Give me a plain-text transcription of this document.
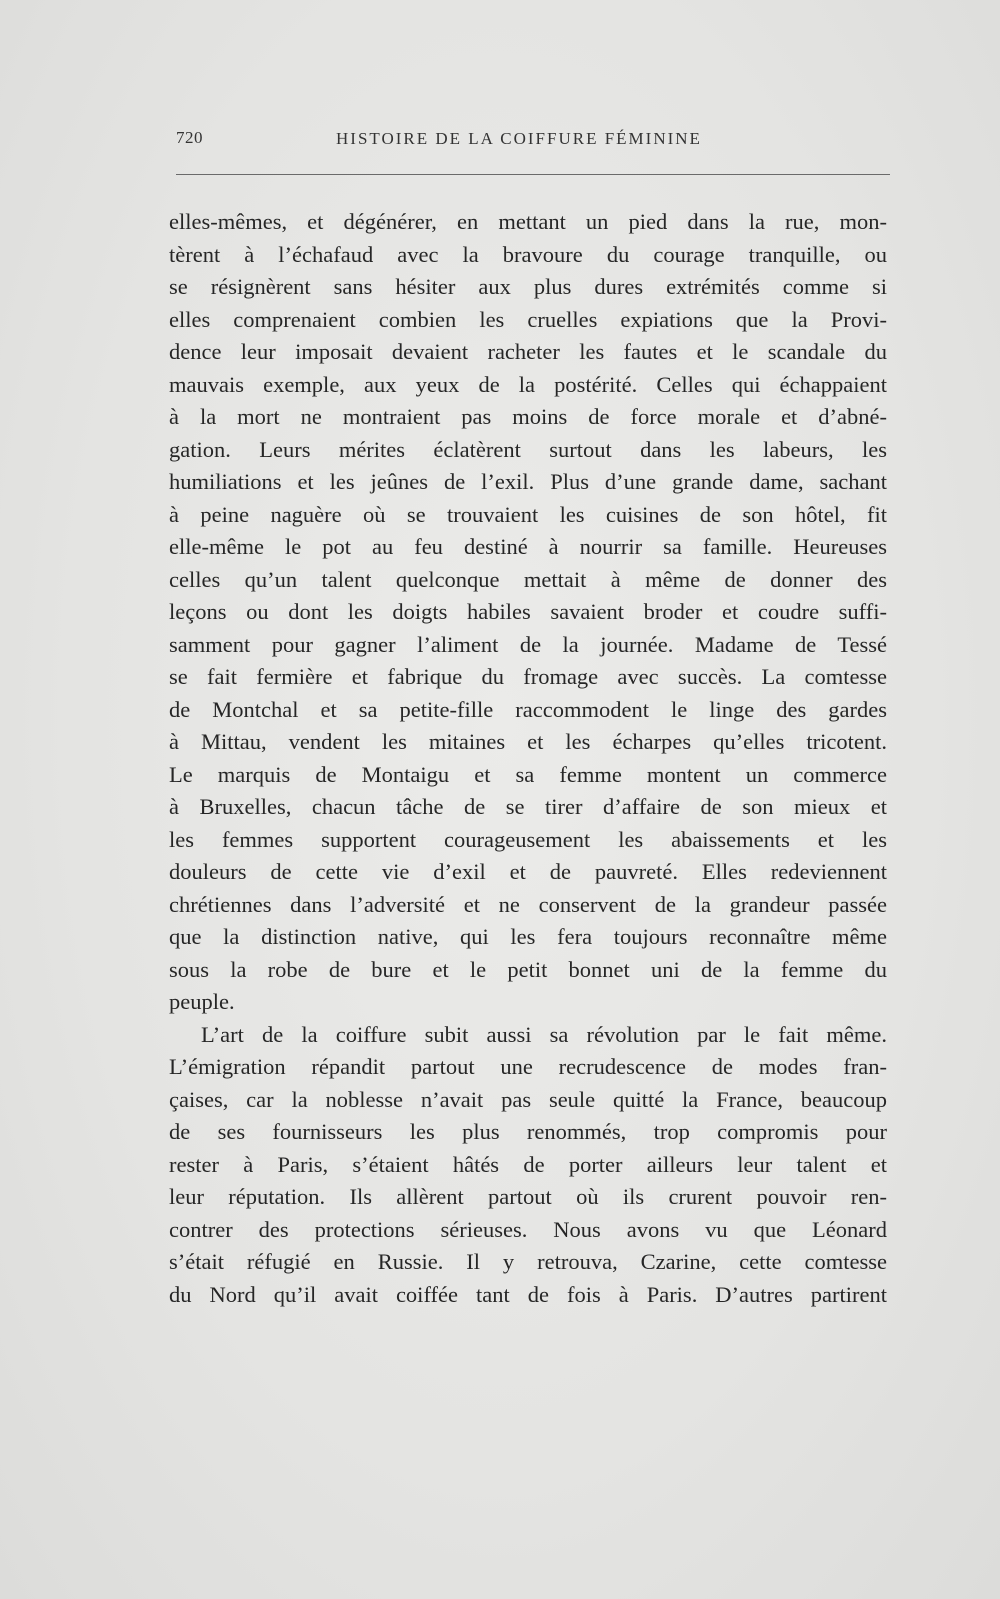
720	HISTOIRE DE LA COIFFURE FÉMININE
elles-mêmes, et dégénérer, en mettant un pied dans la rue, mon-
tèrent à l’échafaud avec la bravoure du courage tranquille, ou
se résignèrent sans hésiter aux plus dures extrémités comme si
elles comprenaient combien les cruelles expiations que la Provi-
dence leur imposait devaient racheter les fautes et le scandale du
mauvais exemple, aux yeux de la postérité. Celles qui échappaient
à la mort ne montraient pas moins de force morale et d’abné-
gation. Leurs mérites éclatèrent surtout dans les labeurs, les
humiliations et les jeûnes de l’exil. Plus d’une grande dame, sachant
à peine naguère où se trouvaient les cuisines de son hôtel, fit
elle-même le pot au feu destiné à nourrir sa famille. Heureuses
celles qu’un talent quelconque mettait à même de donner des
leçons ou dont les doigts habiles savaient broder et coudre suffi-
samment pour gagner l’aliment de la journée. Madame de Tessé
se fait fermière et fabrique du fromage avec succès. La comtesse
de Montchal et sa petite-fille raccommodent le linge des gardes
à Mittau, vendent les mitaines et les écharpes qu’elles tricotent.
Le marquis de Montaigu et sa femme montent un commerce
à Bruxelles, chacun tâche de se tirer d’affaire de son mieux et
les femmes supportent courageusement les abaissements et les
douleurs de cette vie d’exil et de pauvreté. Elles redeviennent
chrétiennes dans l’adversité et ne conservent de la grandeur passée
que la distinction native, qui les fera toujours reconnaître même
sous la robe de bure et le petit bonnet uni de la femme du
peuple.
L’art de la coiffure subit aussi sa révolution par le fait même.
L’émigration répandit partout une recrudescence de modes fran-
çaises, car la noblesse n’avait pas seule quitté la France, beaucoup
de ses fournisseurs les plus renommés, trop compromis pour
rester à Paris, s’étaient hâtés de porter ailleurs leur talent et
leur réputation. Ils allèrent partout où ils crurent pouvoir ren-
contrer des protections sérieuses. Nous avons vu que Léonard
s’était réfugié en Russie. Il y retrouva, Czarine, cette comtesse
du Nord qu’il avait coiffée tant de fois à Paris. D’autres partirent
